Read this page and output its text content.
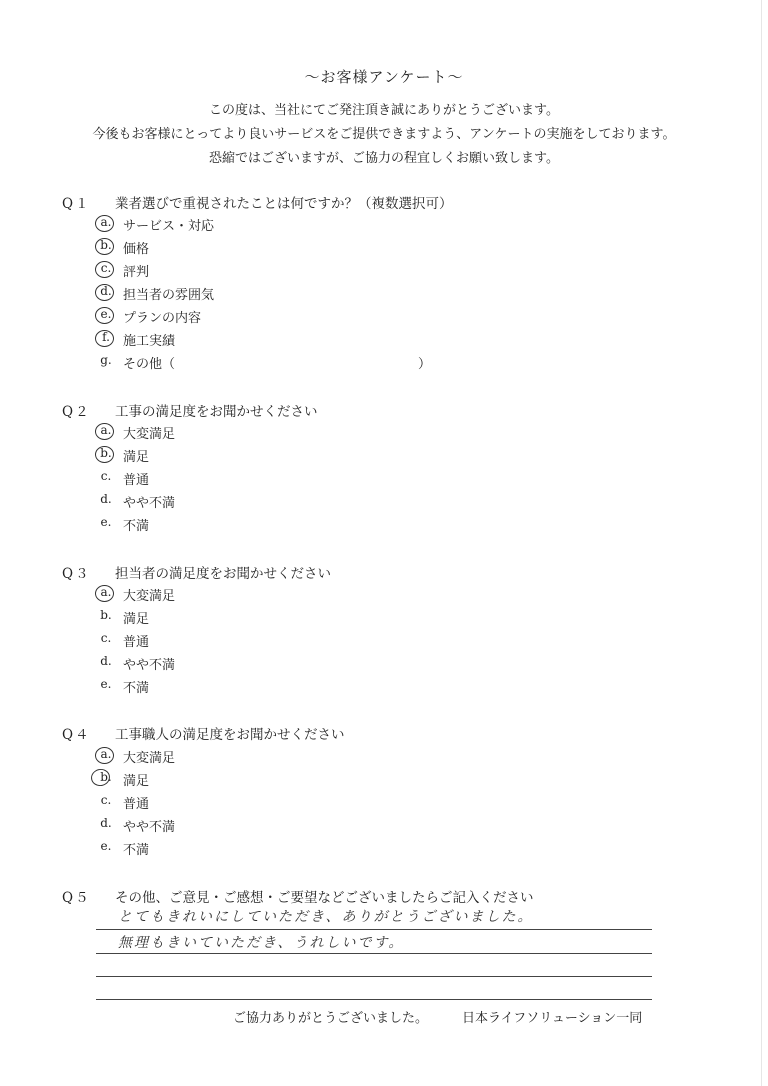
〜お客様アンケート〜
この度は、当社にてご発注頂き誠にありがとうございます。
今後もお客様にとってより良いサービスをご提供できますよう、アンケートの実施をしております。
恐縮ではございますが、ご協力の程宜しくお願い致します。
Q１ 業者選びで重視されたことは何ですか？（複数選択可）
a. サービス・対応
b. 価格
c. 評判
d. 担当者の雰囲気
e. プランの内容
f.	施工実績
g. その他（	）
Q２ 工事の満足度をお聞かせください
a. 大変満足
b. 満足
c. 普通
d. やや不満
e. 不満
Q３ 担当者の満足度をお聞かせください
a. 大変満足
b. 満足
c. 普通
d. やや不満
e. 不満
Q４ 工事職人の満足度をお聞かせください
a. 大変満足
b. 満足
c. 普通
d. やや不満
e. 不満
Q５ その他、ご意見・ご感想・ご要望などございましたらご記入ください
とてもきれいにしていただき、ありがとうございました。
無理もきいていただき、うれしいです。
ご協力ありがとうございました。	日本ライフソリューション一同
